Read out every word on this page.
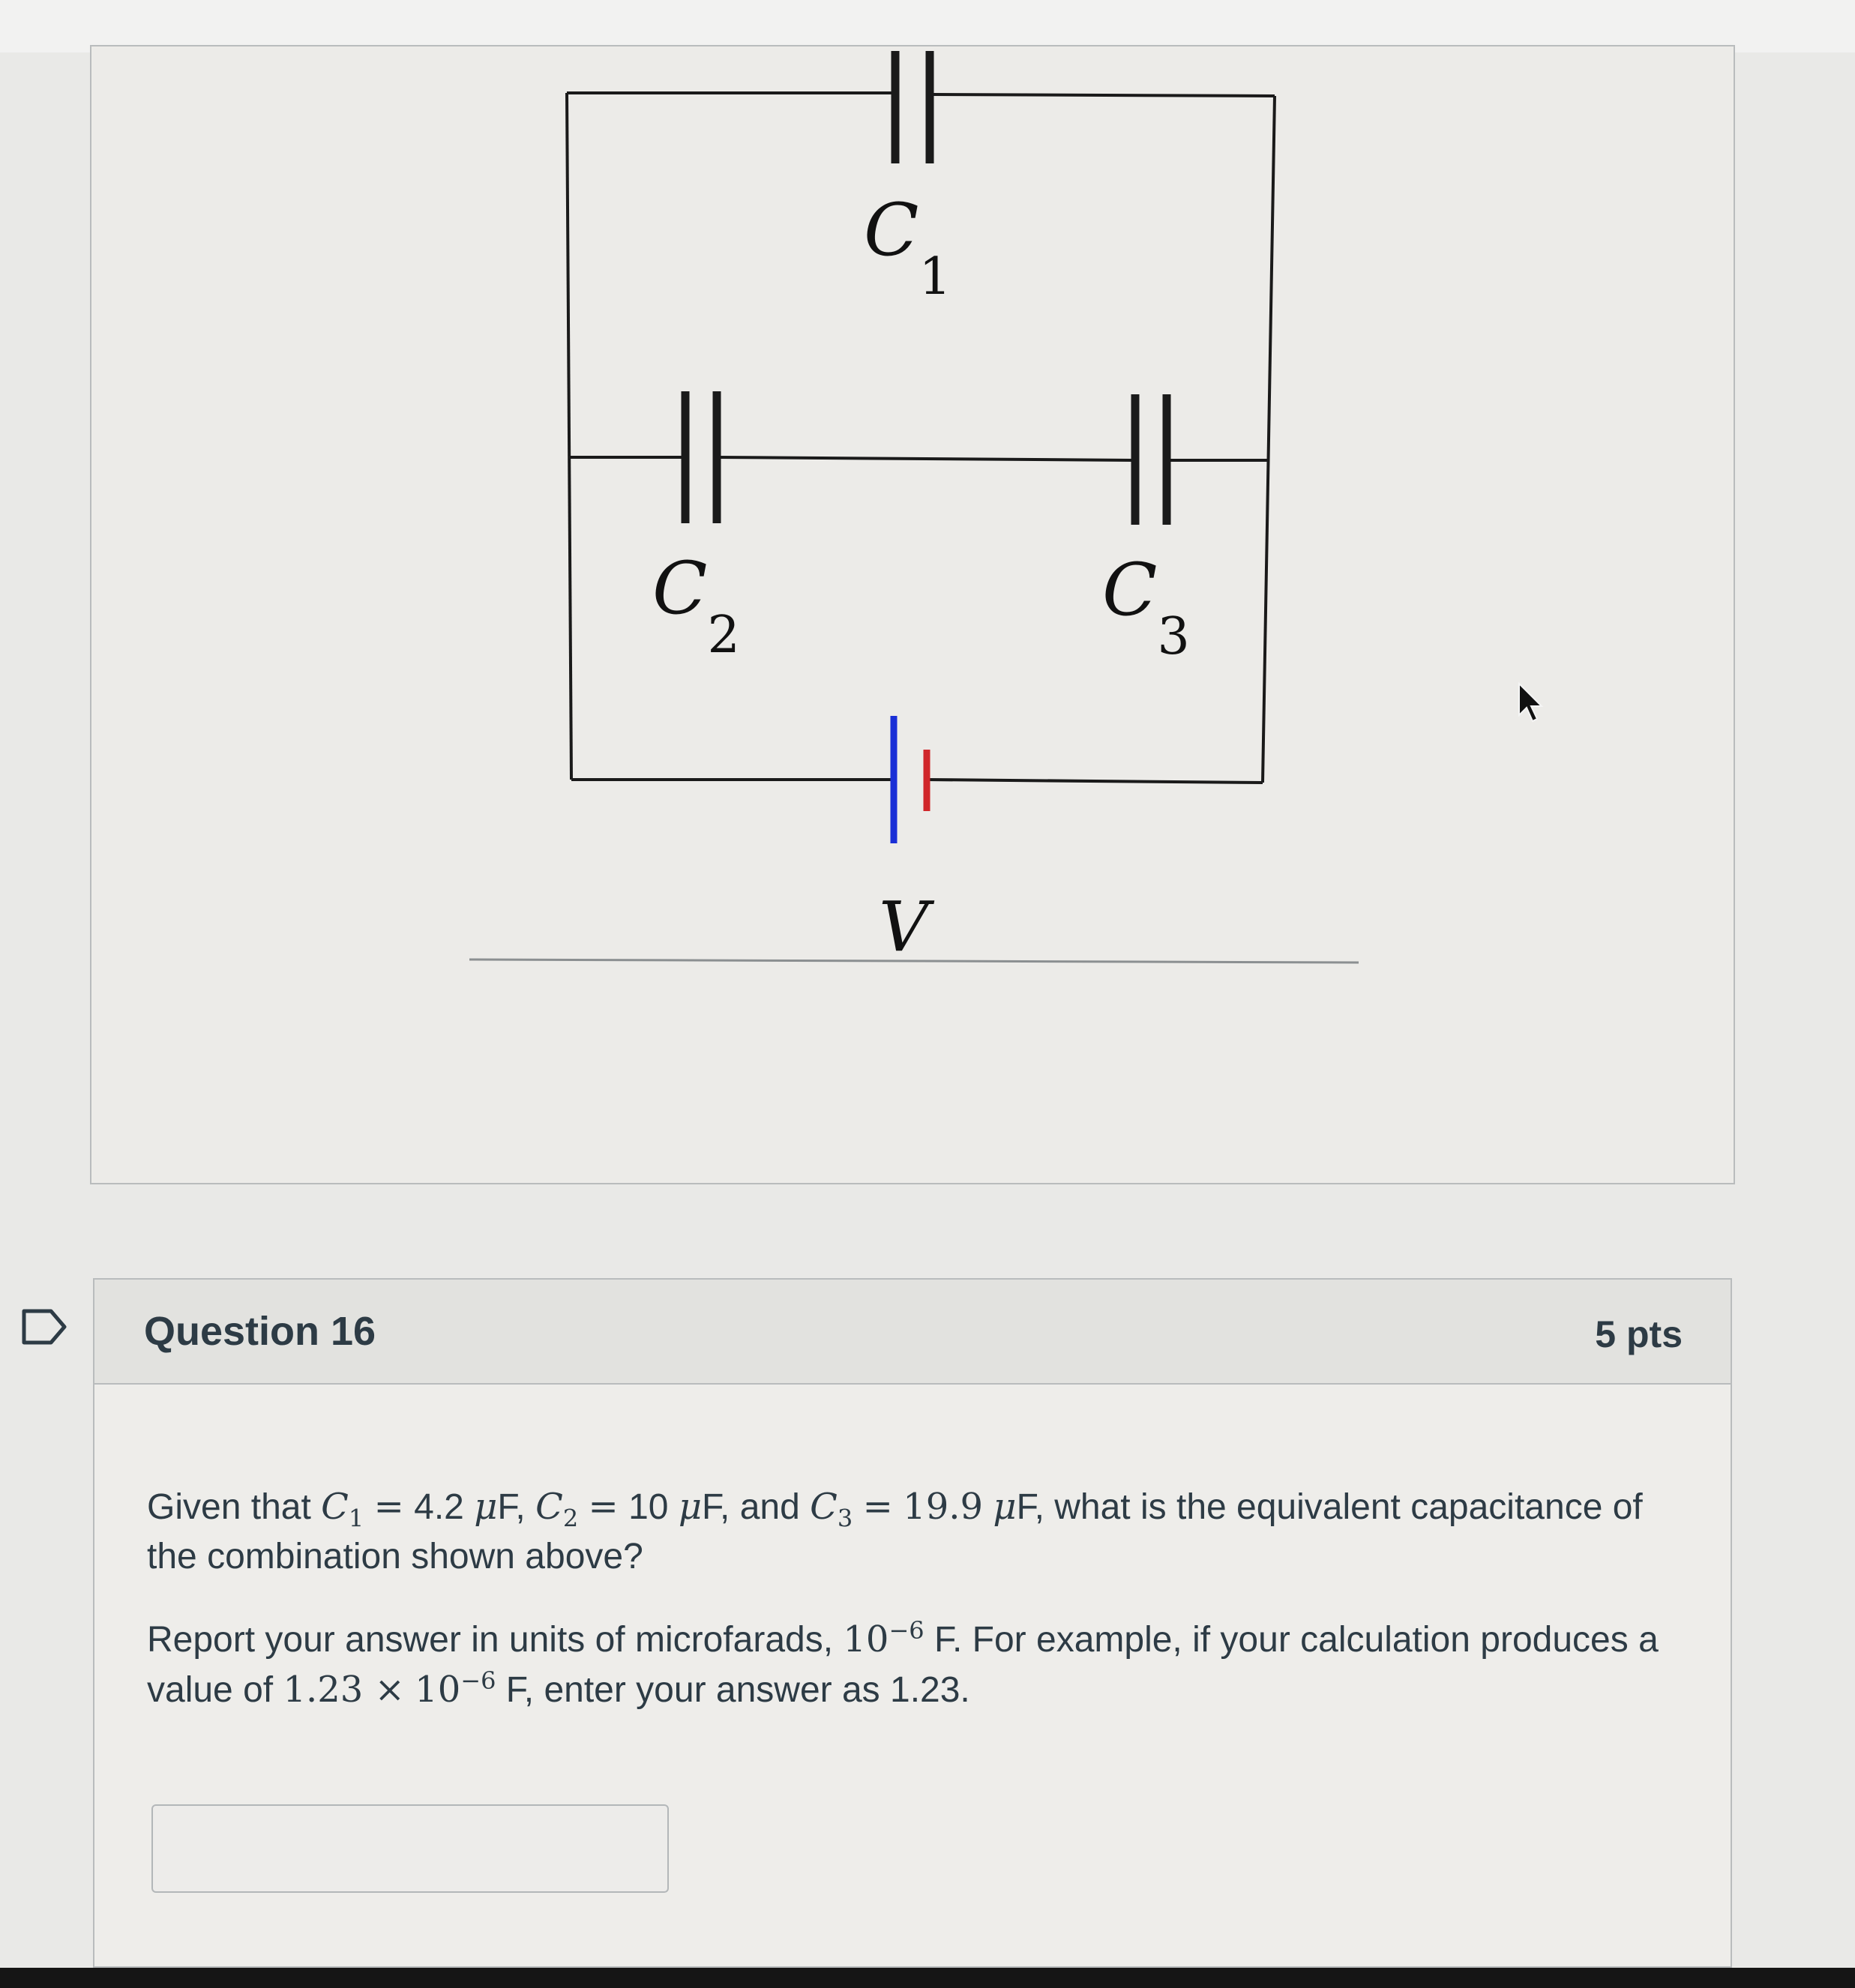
$C_1$
$C_2$
$C_3$
V
Question 16	5 pts

Given that $C_1 = 4.2$ μF, $C_2 = 10$ μF, and $C_3 = 19.9$ μF, what is the equivalent capacitance of the combination shown above?

Report your answer in units of microfarads, $10^{-6}$ F. For example, if your calculation produces a value of $1.23 \times 10^{-6}$ F, enter your answer as 1.23.
